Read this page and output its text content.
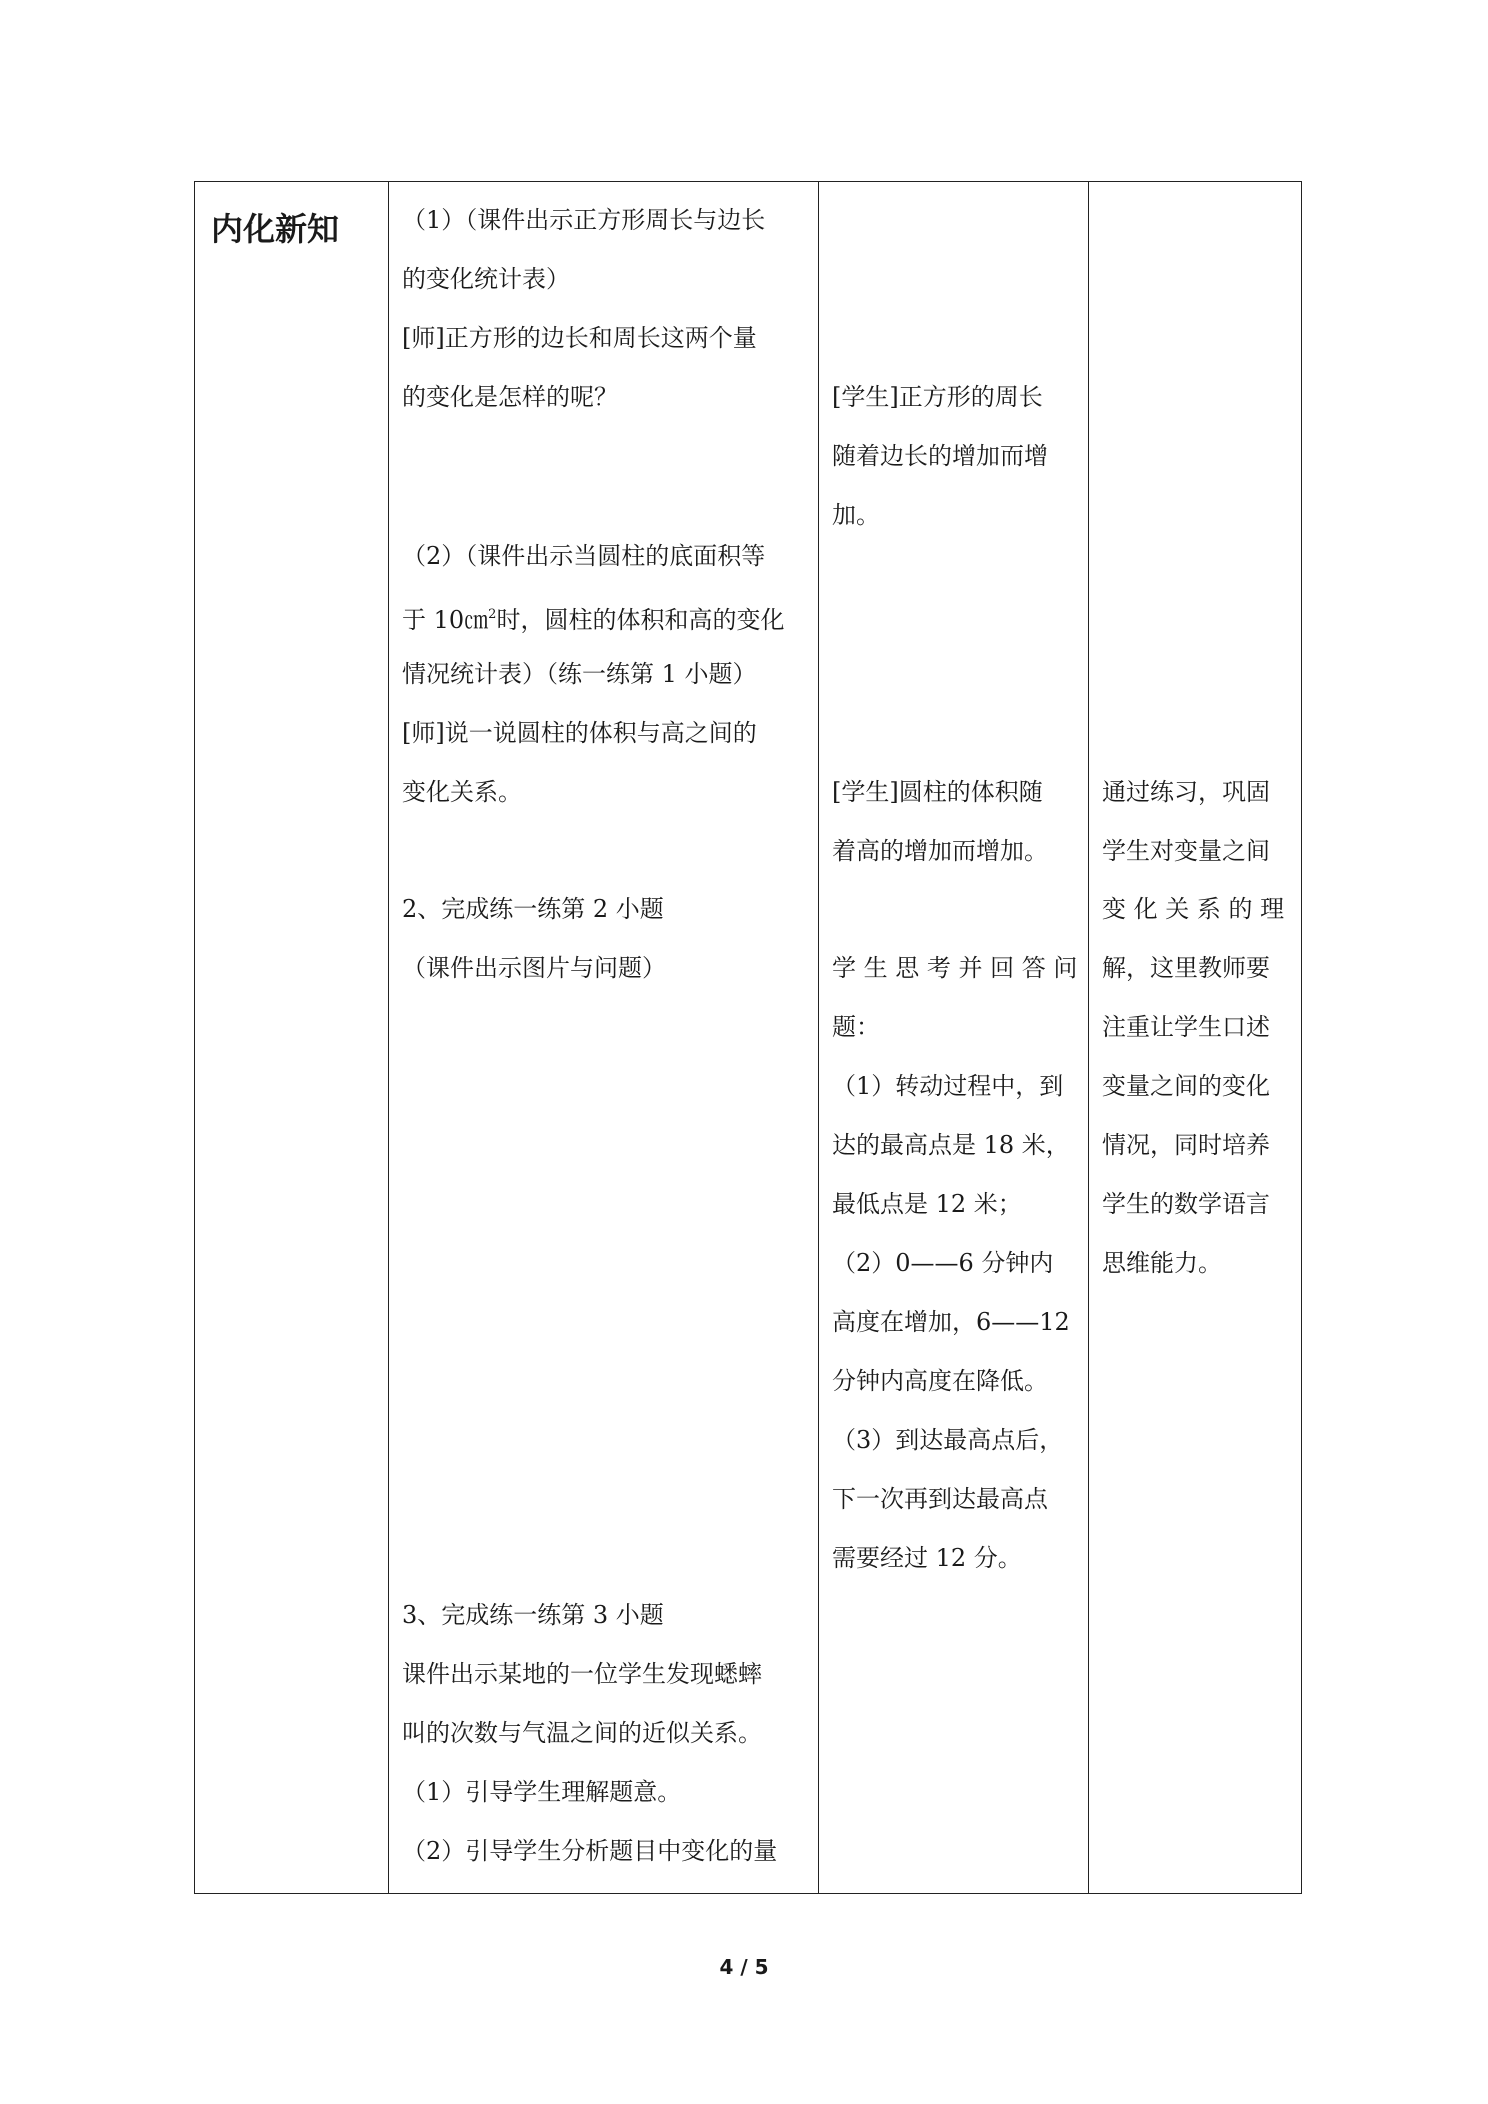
内化新知	（1）（课件出示正方形周长与边长
的变化统计表）
[师]正方形的边长和周长这两个量
的变化是怎样的呢？
（2）（课件出示当圆柱的底面积等
于 10㎝$^2$时，圆柱的体积和高的变化
情况统计表）（练一练第 1 小题）
[师]说一说圆柱的体积与高之间的
变化关系。
2、完成练一练第 2 小题
（课件出示图片与问题）
3、完成练一练第 3 小题
课件出示某地的一位学生发现蟋蟀
叫的次数与气温之间的近似关系。
（1）引导学生理解题意。
（2）引导学生分析题目中变化的量
[学生]正方形的周长
随着边长的增加而增
加。
[学生]圆柱的体积随
着高的增加而增加。
学 生 思 考 并 回 答 问
题：
（1）转动过程中，到
达的最高点是 18 米，
最低点是 12 米；
（2）0——6 分钟内
高度在增加，6——12
分钟内高度在降低。
（3）到达最高点后，
下一次再到达最高点
需要经过 12 分。
通过练习，巩固
学生对变量之间
变 化 关 系 的 理
解，这里教师要
注重让学生口述
变量之间的变化
情况，同时培养
学生的数学语言
思维能力。
4 / 5
